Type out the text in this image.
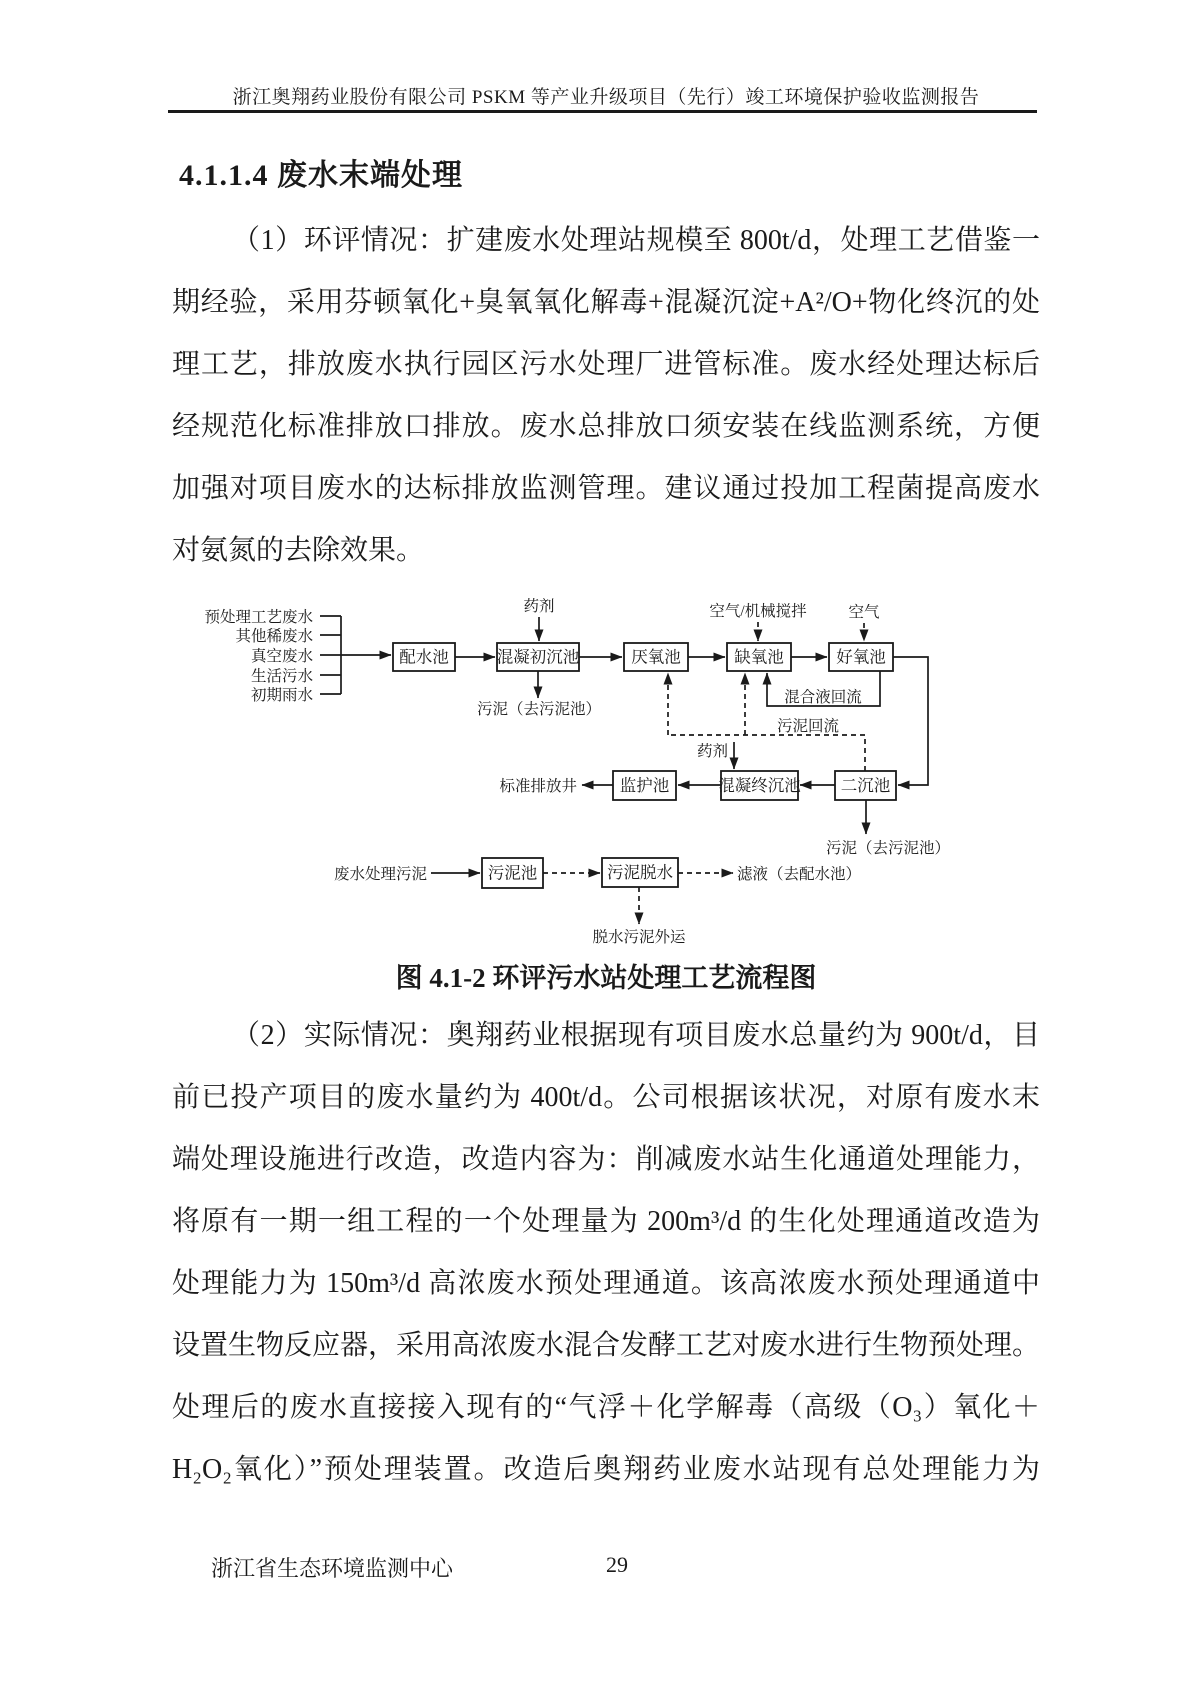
浙江奥翔药业股份有限公司 PSKM 等产业升级项目（先行）竣工环境保护验收监测报告
4.1.1.4 废水末端处理
（1）环评情况：扩建废水处理站规模至 800t/d，处理工艺借鉴一
期经验，采用芬顿氧化+臭氧氧化解毒+混凝沉淀+A²/O+物化终沉的处
理工艺，排放废水执行园区污水处理厂进管标准。废水经处理达标后
经规范化标准排放口排放。废水总排放口须安装在线监测系统，方便
加强对项目废水的达标排放监测管理。建议通过投加工程菌提高废水
对氨氮的去除效果。
配水池	混凝初沉池	厌氧池	缺氧池	好氧池
监护池	混凝终沉池 二沉池
污泥池	污泥脱水
预处理工艺废水
其他稀废水
真空废水
生活污水
初期雨水
药剂	空气/机械搅拌	空气
污泥（去污泥池）
混合液回流
污泥回流
药剂
标准排放井
污泥（去污泥池）
废水处理污泥	滤液（去配水池）
脱水污泥外运
图 4.1-2 环评污水站处理工艺流程图
（2）实际情况：奥翔药业根据现有项目废水总量约为 900t/d，目
前已投产项目的废水量约为 400t/d。公司根据该状况，对原有废水末
端处理设施进行改造，改造内容为：削减废水站生化通道处理能力，
将原有一期一组工程的一个处理量为 200m³/d 的生化处理通道改造为
处理能力为 150m³/d 高浓废水预处理通道。该高浓废水预处理通道中
设置生物反应器，采用高浓废水混合发酵工艺对废水进行生物预处理。
处理后的废水直接接入现有的“气浮＋化学解毒（高级（O₃）氧化＋
H₂O₂氧化）”预处理装置。改造后奥翔药业废水站现有总处理能力为
浙江省生态环境监测中心	29
